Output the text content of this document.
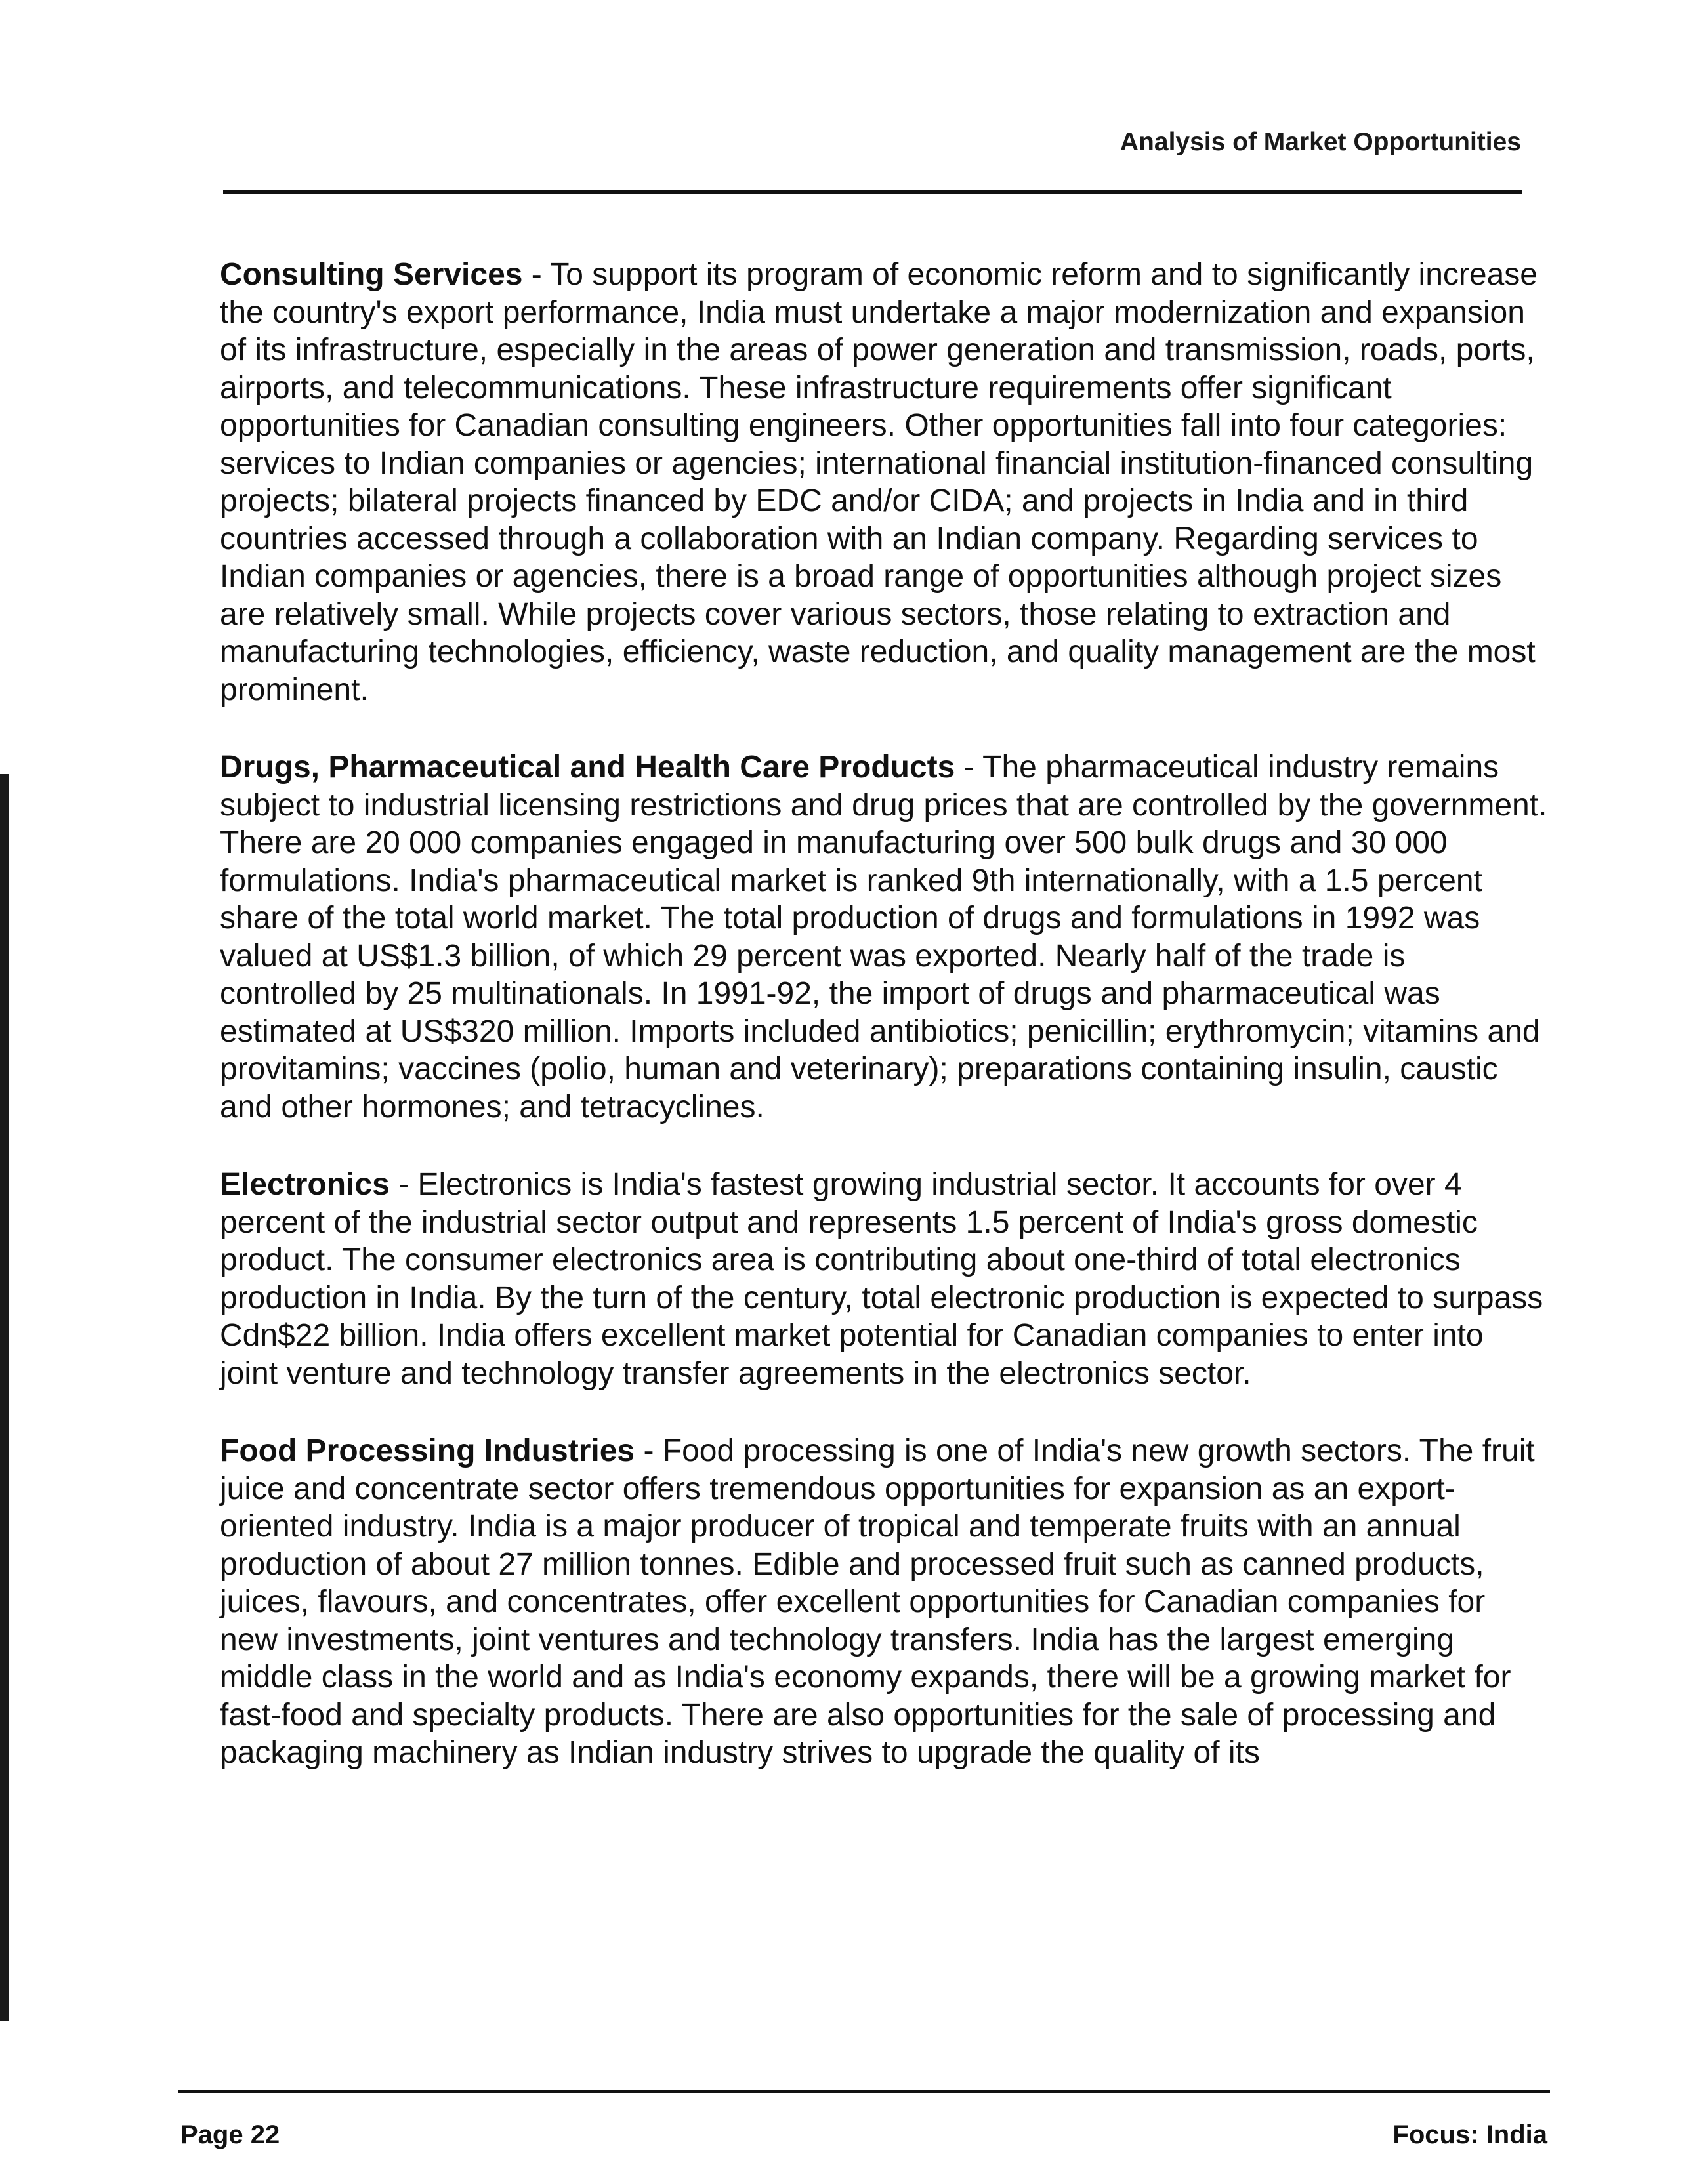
Analysis of Market Opportunities

Consulting Services - To support its program of economic reform and to significantly increase the country's export performance, India must undertake a major modernization and expansion of its infrastructure, especially in the areas of power generation and transmission, roads, ports, airports, and telecommunications. These infrastructure requirements offer significant opportunities for Canadian consulting engineers. Other opportunities fall into four categories: services to Indian companies or agencies; international financial institution-financed consulting projects; bilateral projects financed by EDC and/or CIDA; and projects in India and in third countries accessed through a collaboration with an Indian company. Regarding services to Indian companies or agencies, there is a broad range of opportunities although project sizes are relatively small. While projects cover various sectors, those relating to extraction and manufacturing technologies, efficiency, waste reduction, and quality management are the most prominent.

Drugs, Pharmaceutical and Health Care Products - The pharmaceutical industry remains subject to industrial licensing restrictions and drug prices that are controlled by the government. There are 20 000 companies engaged in manufacturing over 500 bulk drugs and 30 000 formulations. India's pharmaceutical market is ranked 9th internationally, with a 1.5 percent share of the total world market. The total production of drugs and formulations in 1992 was valued at US$1.3 billion, of which 29 percent was exported. Nearly half of the trade is controlled by 25 multinationals. In 1991-92, the import of drugs and pharmaceutical was estimated at US$320 million. Imports included antibiotics; penicillin; erythromycin; vitamins and provitamins; vaccines (polio, human and veterinary); preparations containing insulin, caustic and other hormones; and tetracyclines.

Electronics - Electronics is India's fastest growing industrial sector. It accounts for over 4 percent of the industrial sector output and represents 1.5 percent of India's gross domestic product. The consumer electronics area is contributing about one-third of total electronics production in India. By the turn of the century, total electronic production is expected to surpass Cdn$22 billion. India offers excellent market potential for Canadian companies to enter into joint venture and technology transfer agreements in the electronics sector.

Food Processing Industries - Food processing is one of India's new growth sectors. The fruit juice and concentrate sector offers tremendous opportunities for expansion as an export-oriented industry. India is a major producer of tropical and temperate fruits with an annual production of about 27 million tonnes. Edible and processed fruit such as canned products, juices, flavours, and concentrates, offer excellent opportunities for Canadian companies for new investments, joint ventures and technology transfers. India has the largest emerging middle class in the world and as India's economy expands, there will be a growing market for fast-food and specialty products. There are also opportunities for the sale of processing and packaging machinery as Indian industry strives to upgrade the quality of its

Page 22	Focus: India
